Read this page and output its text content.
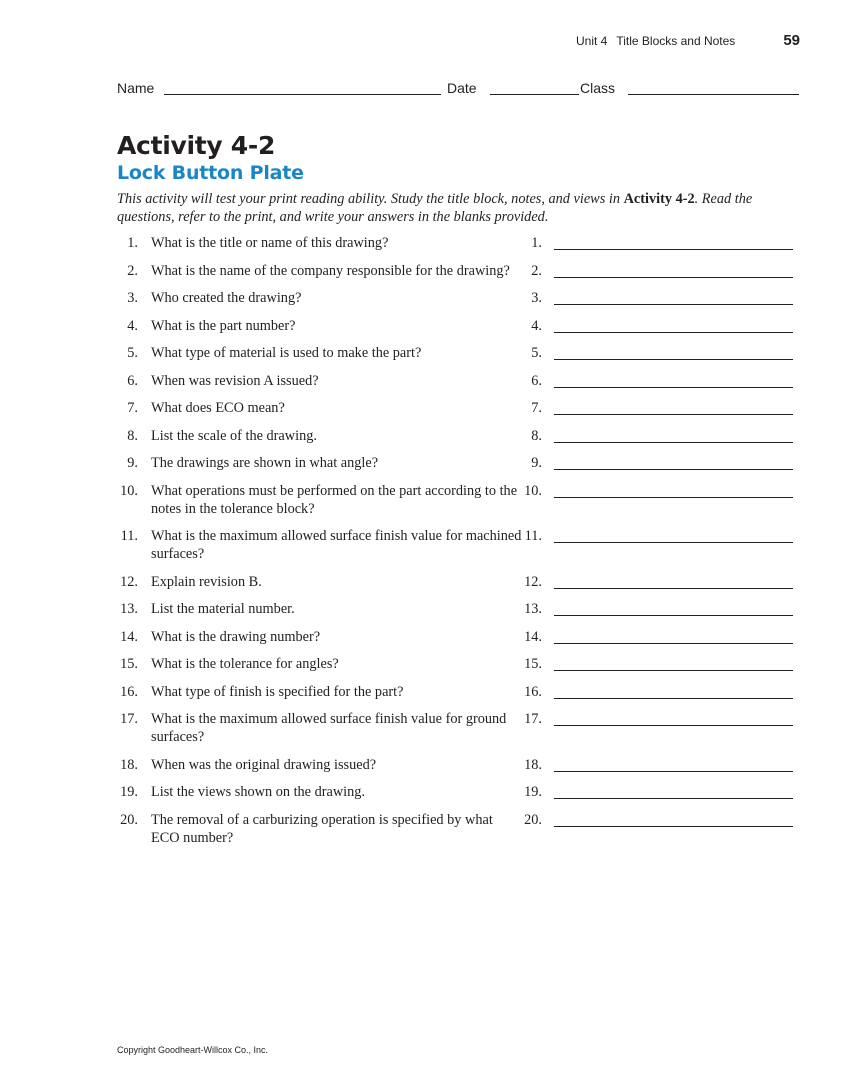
Unit 4 Title Blocks and Notes	59
Name	Date	Class
Activity 4-2
Lock Button Plate

This activity will test your print reading ability. Study the title block, notes, and views in Activity 4-2. Read the questions, refer to the print, and write your answers in the blanks provided.

1. What is the title or name of this drawing?	1.
2. What is the name of the company responsible for the drawing?	2.
3. Who created the drawing?	3.
4. What is the part number?	4.
5. What type of material is used to make the part?	5.
6. When was revision A issued?	6.
7. What does ECO mean?	7.
8. List the scale of the drawing.	8.
9. The drawings are shown in what angle?	9.
10. What operations must be performed on the part according to the notes in the tolerance block?
10.
11. What is the maximum allowed surface finish value for machined surfaces?
11.
12. Explain revision B.	12.
13. List the material number.	13.
14. What is the drawing number?	14.
15. What is the tolerance for angles?	15.
16. What type of finish is specified for the part?	16.
17. What is the maximum allowed surface finish value for ground surfaces?
17.
18. When was the original drawing issued?	18.
19. List the views shown on the drawing.	19.
20. The removal of a carburizing operation is specified by what ECO number?
20.
Copyright Goodheart-Willcox Co., Inc.
